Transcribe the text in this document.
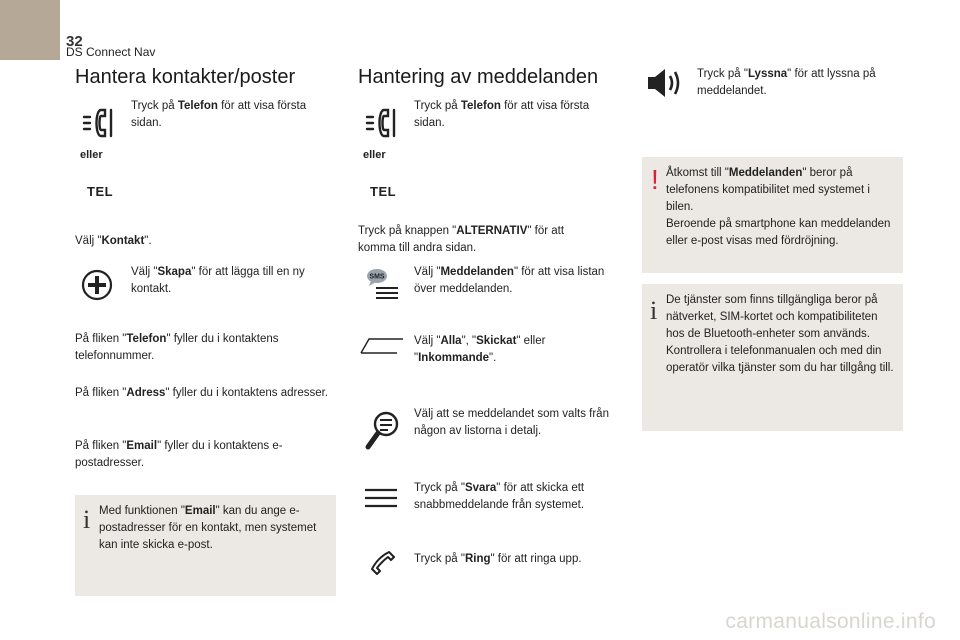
32
DS Connect Nav
Hantera kontakter/poster
Tryck på Telefon för att visa första sidan.
eller
TEL
Välj "Kontakt".
Välj "Skapa" för att lägga till en ny kontakt.
På fliken "Telefon" fyller du i kontaktens telefonnummer.
På fliken "Adress" fyller du i kontaktens adresser.
På fliken "Email" fyller du i kontaktens e-postadresser.
i Med funktionen "Email" kan du ange e-postadresser för en kontakt, men systemet kan inte skicka e-post.
Hantering av meddelanden
Tryck på Telefon för att visa första sidan.
eller
TEL
Tryck på knappen "ALTERNATIV" för att komma till andra sidan.
SMS	Välj "Meddelanden" för att visa listan över meddelanden.
Välj "Alla", "Skickat" eller "Inkommande".
Välj att se meddelandet som valts från någon av listorna i detalj.
Tryck på "Svara" för att skicka ett snabbmeddelande från systemet.
Tryck på "Ring" för att ringa upp.
Tryck på "Lyssna" för att lyssna på meddelandet.
! Åtkomst till "Meddelanden" beror på telefonens kompatibilitet med systemet i bilen.
Beroende på smartphone kan meddelanden eller e-post visas med fördröjning.
i De tjänster som finns tillgängliga beror på nätverket, SIM-kortet och kompatibiliteten hos de Bluetooth-enheter som används. Kontrollera i telefonmanualen och med din operatör vilka tjänster som du har tillgång till.
carmanualsonline.info
